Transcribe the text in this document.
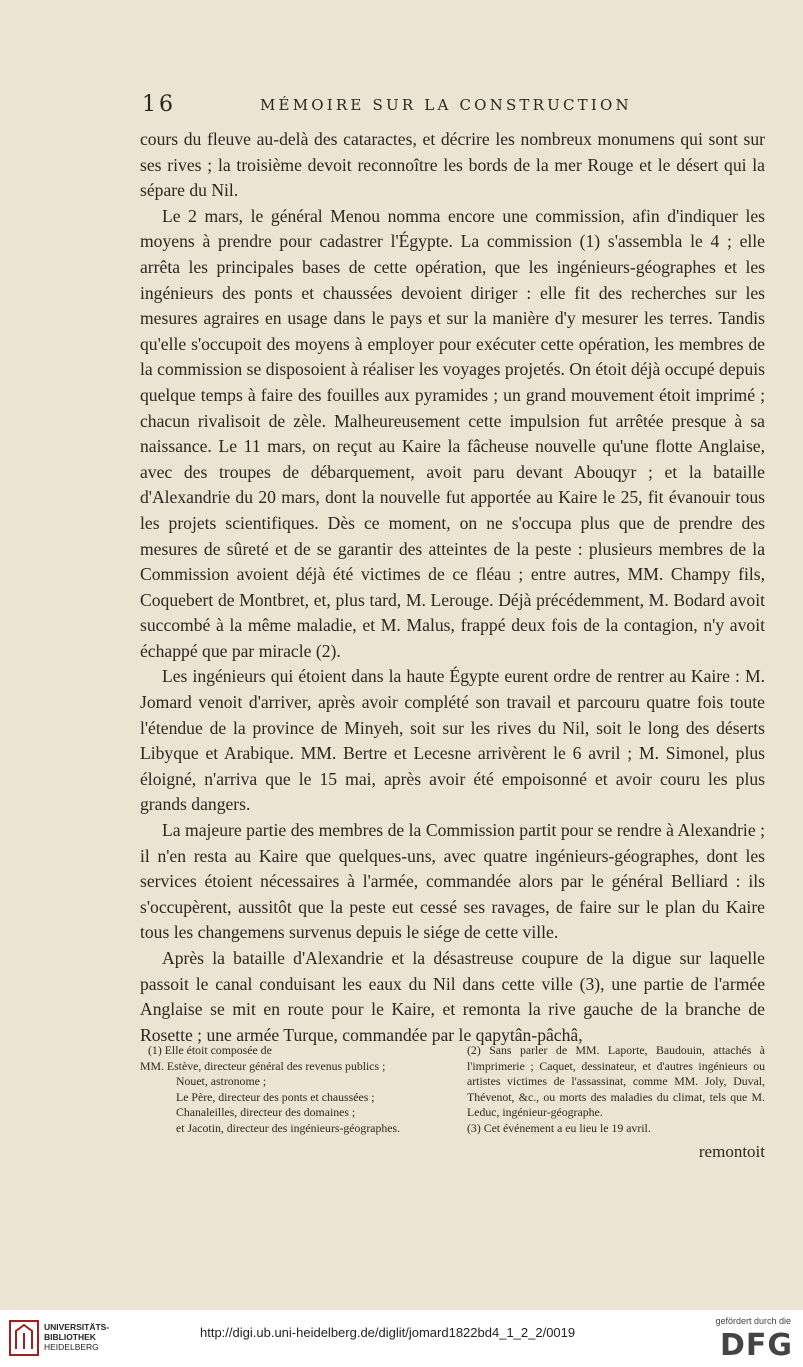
16	MÉMOIRE SUR LA CONSTRUCTION

cours du fleuve au-delà des cataractes, et décrire les nombreux monumens qui sont sur ses rives ; la troisième devoit reconnoître les bords de la mer Rouge et le désert qui la sépare du Nil.

Le 2 mars, le général Menou nomma encore une commission, afin d'indiquer les moyens à prendre pour cadastrer l'Égypte. La commission (1) s'assembla le 4 ; elle arrêta les principales bases de cette opération, que les ingénieurs-géographes et les ingénieurs des ponts et chaussées devoient diriger : elle fit des recherches sur les mesures agraires en usage dans le pays et sur la manière d'y mesurer les terres. Tandis qu'elle s'occupoit des moyens à employer pour exécuter cette opération, les membres de la commission se disposoient à réaliser les voyages projetés. On étoit déjà occupé depuis quelque temps à faire des fouilles aux pyramides ; un grand mouvement étoit imprimé ; chacun rivalisoit de zèle. Malheureusement cette impulsion fut arrêtée presque à sa naissance. Le 11 mars, on reçut au Kaire la fâcheuse nouvelle qu'une flotte Anglaise, avec des troupes de débarquement, avoit paru devant Abouqyr ; et la bataille d'Alexandrie du 20 mars, dont la nouvelle fut apportée au Kaire le 25, fit évanouir tous les projets scientifiques. Dès ce moment, on ne s'occupa plus que de prendre des mesures de sûreté et de se garantir des atteintes de la peste : plusieurs membres de la Commission avoient déjà été victimes de ce fléau ; entre autres, MM. Champy fils, Coquebert de Montbret, et, plus tard, M. Lerouge. Déjà précédemment, M. Bodard avoit succombé à la même maladie, et M. Malus, frappé deux fois de la contagion, n'y avoit échappé que par miracle (2).

Les ingénieurs qui étoient dans la haute Égypte eurent ordre de rentrer au Kaire : M. Jomard venoit d'arriver, après avoir complété son travail et parcouru quatre fois toute l'étendue de la province de Minyeh, soit sur les rives du Nil, soit le long des déserts Libyque et Arabique. MM. Bertre et Lecesne arrivèrent le 6 avril ; M. Simonel, plus éloigné, n'arriva que le 15 mai, après avoir été empoisonné et avoir couru les plus grands dangers.

La majeure partie des membres de la Commission partit pour se rendre à Alexandrie ; il n'en resta au Kaire que quelques-uns, avec quatre ingénieurs-géographes, dont les services étoient nécessaires à l'armée, commandée alors par le général Belliard : ils s'occupèrent, aussitôt que la peste eut cessé ses ravages, de faire sur le plan du Kaire tous les changemens survenus depuis le siége de cette ville.

Après la bataille d'Alexandrie et la désastreuse coupure de la digue sur laquelle passoit le canal conduisant les eaux du Nil dans cette ville (3), une partie de l'armée Anglaise se mit en route pour le Kaire, et remonta la rive gauche de la branche de Rosette ; une armée Turque, commandée par le qapytân-pâchâ,

(1) Elle étoit composée de
MM. Estève, directeur général des revenus publics ;
Nouet, astronome ;
Le Père, directeur des ponts et chaussées ;
Chanaleilles, directeur des domaines ;
et Jacotin, directeur des ingénieurs-géographes.
(2) Sans parler de MM. Laporte, Baudouin, attachés à l'imprimerie ; Caquet, dessinateur, et d'autres ingénieurs ou artistes victimes de l'assassinat, comme MM. Joly, Duval, Thévenot, &c., ou morts des maladies du climat, tels que M. Leduc, ingénieur-géographe.
(3) Cet événement a eu lieu le 19 avril.
remontoit
UNIVERSITÄTS-
BIBLIOTHEK
HEIDELBERG
http://digi.ub.uni-heidelberg.de/diglit/jomard1822bd4_1_2_2/0019
gefördert durch die
DFG
